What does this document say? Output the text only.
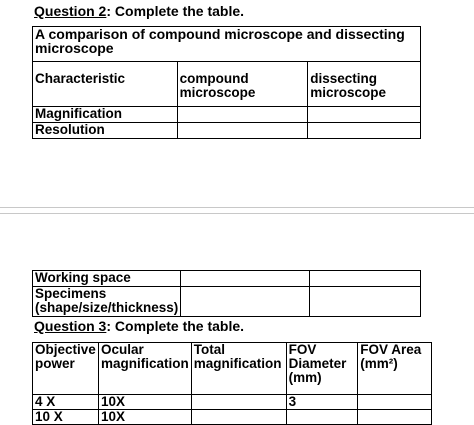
Question 2: Complete the table.
A comparison of compound microscope and dissecting microscope		
Characteristic	compound microscope	dissecting microscope
Magnification		
Resolution		
Working space		
Specimens (shape/size/thickness)		
Question 3: Complete the table.
Objective power	Ocular magnification	Total magnification	FOV Diameter (mm)	FOV Area (mm²)
4 X	10X		3	
10 X	10X			
